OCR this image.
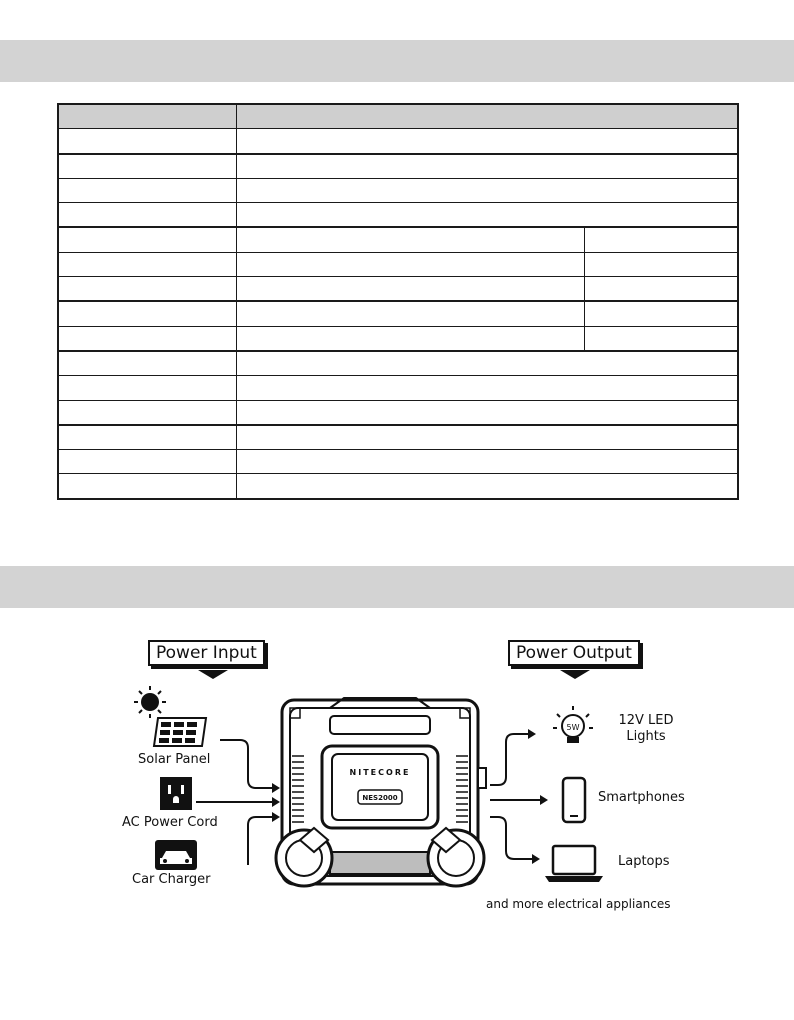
Power Input	Power Output
NITECORE
NES2000
5W
Solar Panel
AC Power Cord
Car Charger
12V LED Lights
Smartphones
Laptops
and more electrical appliances
